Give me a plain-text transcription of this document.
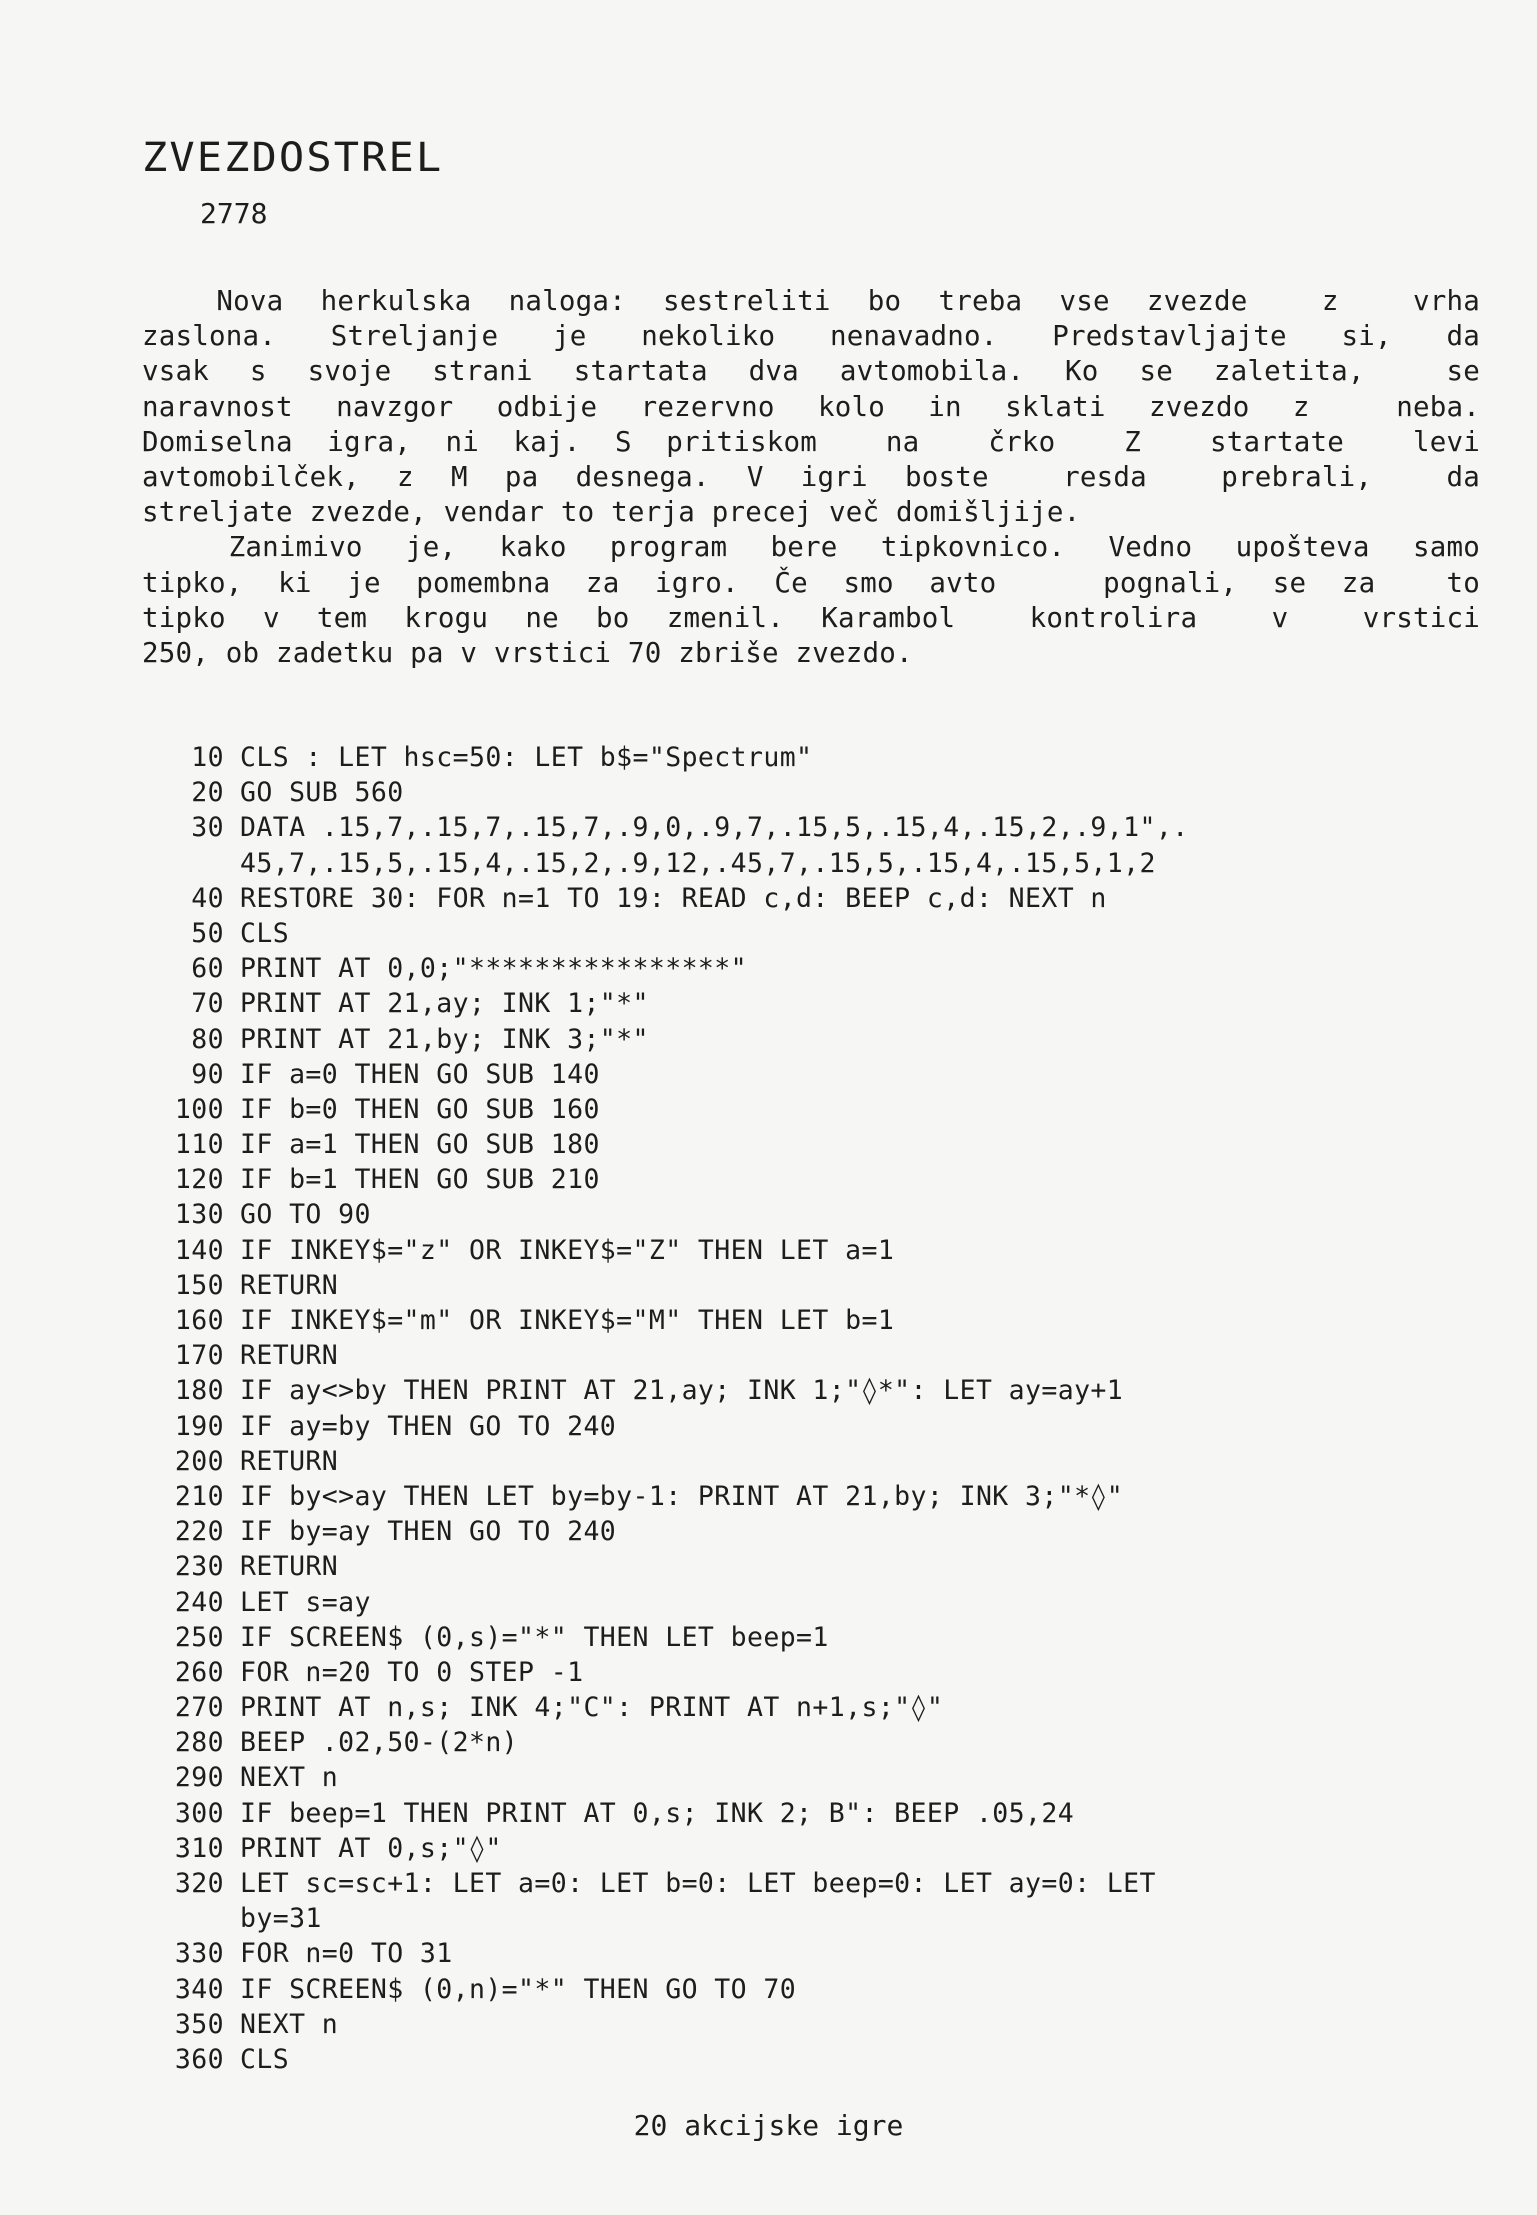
ZVEZDOSTREL
2778
Nova herkulska naloga: sestreliti bo treba vse zvezde  z  vrha
zaslona. Streljanje je nekoliko nenavadno. Predstavljajte si, da
vsak s svoje strani startata dva avtomobila. Ko se zaletita,  se
naravnost navzgor odbije rezervno kolo in sklati zvezdo z  neba.
Domiselna igra, ni kaj. S pritiskom  na  črko  Z  startate  levi
avtomobilček, z M pa desnega. V igri boste  resda  prebrali,  da
streljate zvezde, vendar to terja precej več domišljije.
Zanimivo je, kako program bere tipkovnico. Vedno upošteva samo
tipko, ki je pomembna za igro. Če smo avto   pognali, se za  to
tipko v tem krogu ne bo zmenil. Karambol  kontrolira  v  vrstici
250, ob zadetku pa v vrstici 70 zbriše zvezdo.
10 CLS : LET hsc=50: LET b$="Spectrum"
20 GO SUB 560
30 DATA .15,7,.15,7,.15,7,.9,0,.9,7,.15,5,.15,4,.15,2,.9,1",.
45,7,.15,5,.15,4,.15,2,.9,12,.45,7,.15,5,.15,4,.15,5,1,2
40 RESTORE 30: FOR n=1 TO 19: READ c,d: BEEP c,d: NEXT n
50 CLS
60 PRINT AT 0,0;"****************"
70 PRINT AT 21,ay; INK 1;"*"
80 PRINT AT 21,by; INK 3;"*"
90 IF a=0 THEN GO SUB 140
100 IF b=0 THEN GO SUB 160
110 IF a=1 THEN GO SUB 180
120 IF b=1 THEN GO SUB 210
130 GO TO 90
140 IF INKEY$="z" OR INKEY$="Z" THEN LET a=1
150 RETURN
160 IF INKEY$="m" OR INKEY$="M" THEN LET b=1
170 RETURN
180 IF ay<>by THEN PRINT AT 21,ay; INK 1;"◊*": LET ay=ay+1
190 IF ay=by THEN GO TO 240
200 RETURN
210 IF by<>ay THEN LET by=by-1: PRINT AT 21,by; INK 3;"*◊"
220 IF by=ay THEN GO TO 240
230 RETURN
240 LET s=ay
250 IF SCREEN$ (0,s)="*" THEN LET beep=1
260 FOR n=20 TO 0 STEP -1
270 PRINT AT n,s; INK 4;"C": PRINT AT n+1,s;"◊"
280 BEEP .02,50-(2*n)
290 NEXT n
300 IF beep=1 THEN PRINT AT 0,s; INK 2; B": BEEP .05,24
310 PRINT AT 0,s;"◊"
320 LET sc=sc+1: LET a=0: LET b=0: LET beep=0: LET ay=0: LET
by=31
330 FOR n=0 TO 31
340 IF SCREEN$ (0,n)="*" THEN GO TO 70
350 NEXT n
360 CLS
20 akcijske igre
